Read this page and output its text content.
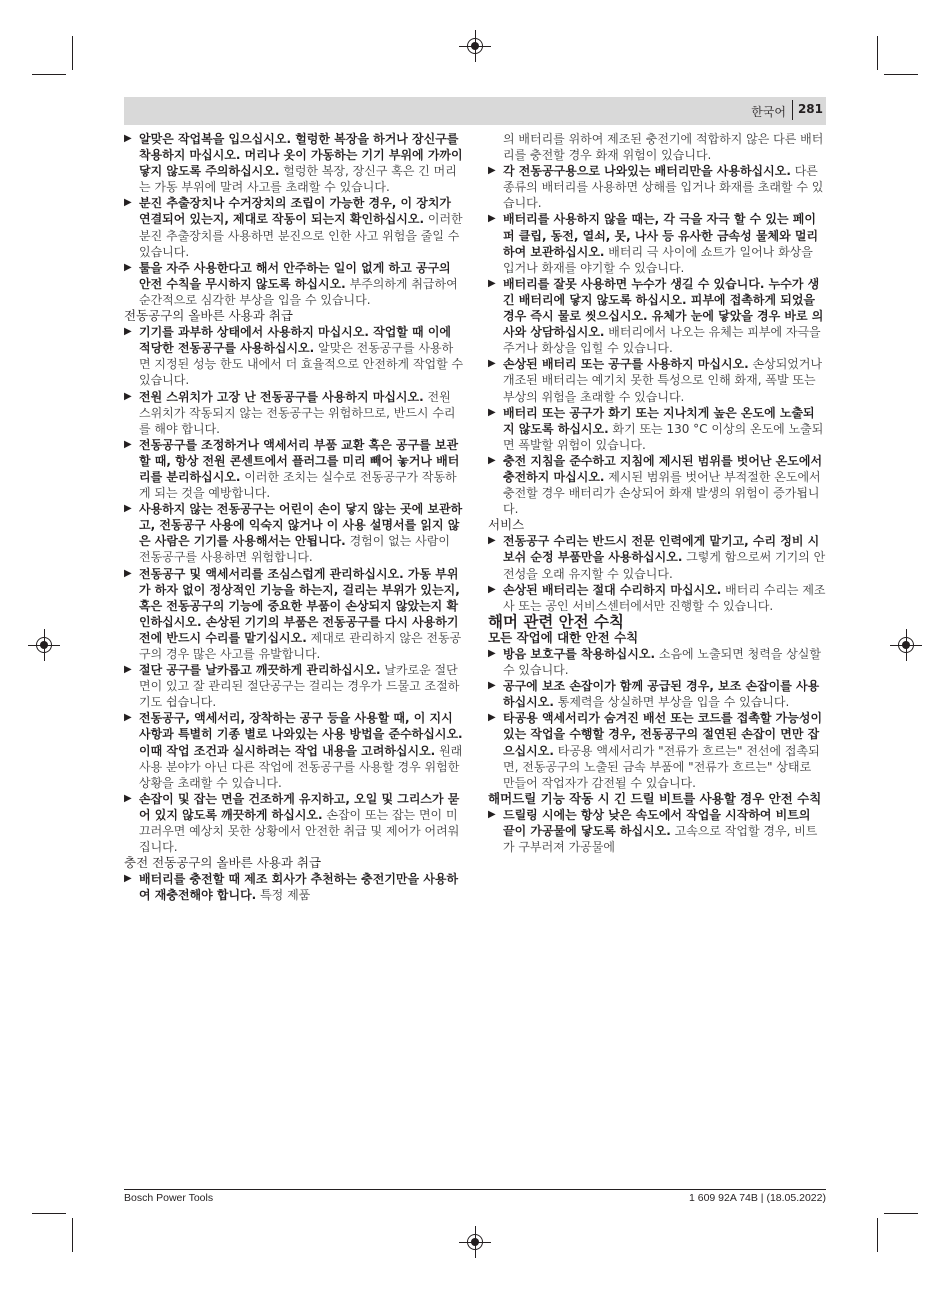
한국어 281

▶ 알맞은 작업복을 입으십시오. 헐렁한 복장을 하거나 장신구를 착용하지 마십시오. 머리나 옷이 가동하는 기기 부위에 가까이 닿지 않도록 주의하십시오. 헐렁한 복장, 장신구 혹은 긴 머리는 가동 부위에 말려 사고를 초래할 수 있습니다.

▶ 분진 추출장치나 수거장치의 조립이 가능한 경우, 이 장치가 연결되어 있는지, 제대로 작동이 되는지 확인하십시오. 이러한 분진 추출장치를 사용하면 분진으로 인한 사고 위험을 줄일 수 있습니다.

▶ 툴을 자주 사용한다고 해서 안주하는 일이 없게 하고 공구의 안전 수칙을 무시하지 않도록 하십시오. 부주의하게 취급하여 순간적으로 심각한 부상을 입을 수 있습니다.

전동공구의 올바른 사용과 취급

▶ 기기를 과부하 상태에서 사용하지 마십시오. 작업할 때 이에 적당한 전동공구를 사용하십시오. 알맞은 전동공구를 사용하면 지정된 성능 한도 내에서 더 효율적으로 안전하게 작업할 수 있습니다.

▶ 전원 스위치가 고장 난 전동공구를 사용하지 마십시오. 전원 스위치가 작동되지 않는 전동공구는 위험하므로, 반드시 수리를 해야 합니다.

▶ 전동공구를 조정하거나 액세서리 부품 교환 혹은 공구를 보관할 때, 항상 전원 콘센트에서 플러그를 미리 빼어 놓거나 배터리를 분리하십시오. 이러한 조치는 실수로 전동공구가 작동하게 되는 것을 예방합니다.

▶ 사용하지 않는 전동공구는 어린이 손이 닿지 않는 곳에 보관하고, 전동공구 사용에 익숙지 않거나 이 사용 설명서를 읽지 않은 사람은 기기를 사용해서는 안됩니다. 경험이 없는 사람이 전동공구를 사용하면 위험합니다.

▶ 전동공구 및 액세서리를 조심스럽게 관리하십시오. 가동 부위가 하자 없이 정상적인 기능을 하는지, 걸리는 부위가 있는지, 혹은 전동공구의 기능에 중요한 부품이 손상되지 않았는지 확인하십시오. 손상된 기기의 부품은 전동공구를 다시 사용하기 전에 반드시 수리를 맡기십시오. 제대로 관리하지 않은 전동공구의 경우 많은 사고를 유발합니다.

▶ 절단 공구를 날카롭고 깨끗하게 관리하십시오. 날카로운 절단면이 있고 잘 관리된 절단공구는 걸리는 경우가 드물고 조절하기도 쉽습니다.

▶ 전동공구, 액세서리, 장착하는 공구 등을 사용할 때, 이 지시 사항과 특별히 기종 별로 나와있는 사용 방법을 준수하십시오. 이때 작업 조건과 실시하려는 작업 내용을 고려하십시오. 원래 사용 분야가 아닌 다른 작업에 전동공구를 사용할 경우 위험한 상황을 초래할 수 있습니다.

▶ 손잡이 및 잡는 면을 건조하게 유지하고, 오일 및 그리스가 묻어 있지 않도록 깨끗하게 하십시오. 손잡이 또는 잡는 면이 미끄러우면 예상치 못한 상황에서 안전한 취급 및 제어가 어려워집니다.

충전 전동공구의 올바른 사용과 취급

▶ 배터리를 충전할 때 제조 회사가 추천하는 충전기만을 사용하여 재충전해야 합니다. 특정 제품

의 배터리를 위하여 제조된 충전기에 적합하지 않은 다른 배터리를 충전할 경우 화재 위험이 있습니다.

▶ 각 전동공구용으로 나와있는 배터리만을 사용하십시오. 다른 종류의 배터리를 사용하면 상해를 입거나 화재를 초래할 수 있습니다.

▶ 배터리를 사용하지 않을 때는, 각 극을 자극 할 수 있는 페이퍼 클립, 동전, 열쇠, 못, 나사 등 유사한 금속성 물체와 멀리하여 보관하십시오. 배터리 극 사이에 쇼트가 일어나 화상을 입거나 화재를 야기할 수 있습니다.

▶ 배터리를 잘못 사용하면 누수가 생길 수 있습니다. 누수가 생긴 배터리에 닿지 않도록 하십시오. 피부에 접촉하게 되었을 경우 즉시 물로 씻으십시오. 유체가 눈에 닿았을 경우 바로 의사와 상담하십시오. 배터리에서 나오는 유체는 피부에 자극을 주거나 화상을 입힐 수 있습니다.

▶ 손상된 배터리 또는 공구를 사용하지 마십시오. 손상되었거나 개조된 배터리는 예기치 못한 특성으로 인해 화재, 폭발 또는 부상의 위험을 초래할 수 있습니다.

▶ 배터리 또는 공구가 화기 또는 지나치게 높은 온도에 노출되지 않도록 하십시오. 화기 또는 130 °C 이상의 온도에 노출되면 폭발할 위험이 있습니다.

▶ 충전 지침을 준수하고 지침에 제시된 범위를 벗어난 온도에서 충전하지 마십시오. 제시된 범위를 벗어난 부적절한 온도에서 충전할 경우 배터리가 손상되어 화재 발생의 위험이 증가됩니다.

서비스

▶ 전동공구 수리는 반드시 전문 인력에게 맡기고, 수리 정비 시 보쉬 순정 부품만을 사용하십시오. 그렇게 함으로써 기기의 안전성을 오래 유지할 수 있습니다.

▶ 손상된 배터리는 절대 수리하지 마십시오. 배터리 수리는 제조사 또는 공인 서비스센터에서만 진행할 수 있습니다.

해머 관련 안전 수칙

모든 작업에 대한 안전 수칙

▶ 방음 보호구를 착용하십시오. 소음에 노출되면 청력을 상실할 수 있습니다.

▶ 공구에 보조 손잡이가 함께 공급된 경우, 보조 손잡이를 사용하십시오. 통제력을 상실하면 부상을 입을 수 있습니다.

▶ 타공용 액세서리가 숨겨진 배선 또는 코드를 접촉할 가능성이 있는 작업을 수행할 경우, 전동공구의 절연된 손잡이 면만 잡으십시오. 타공용 액세서리가 "전류가 흐르는" 전선에 접촉되면, 전동공구의 노출된 금속 부품에 "전류가 흐르는" 상태로 만들어 작업자가 감전될 수 있습니다.

해머드릴 기능 작동 시 긴 드릴 비트를 사용할 경우 안전 수칙

▶ 드릴링 시에는 항상 낮은 속도에서 작업을 시작하여 비트의 끝이 가공물에 닿도록 하십시오. 고속으로 작업할 경우, 비트가 구부러져 가공물에

Bosch Power Tools	1 609 92A 74B | (18.05.2022)
